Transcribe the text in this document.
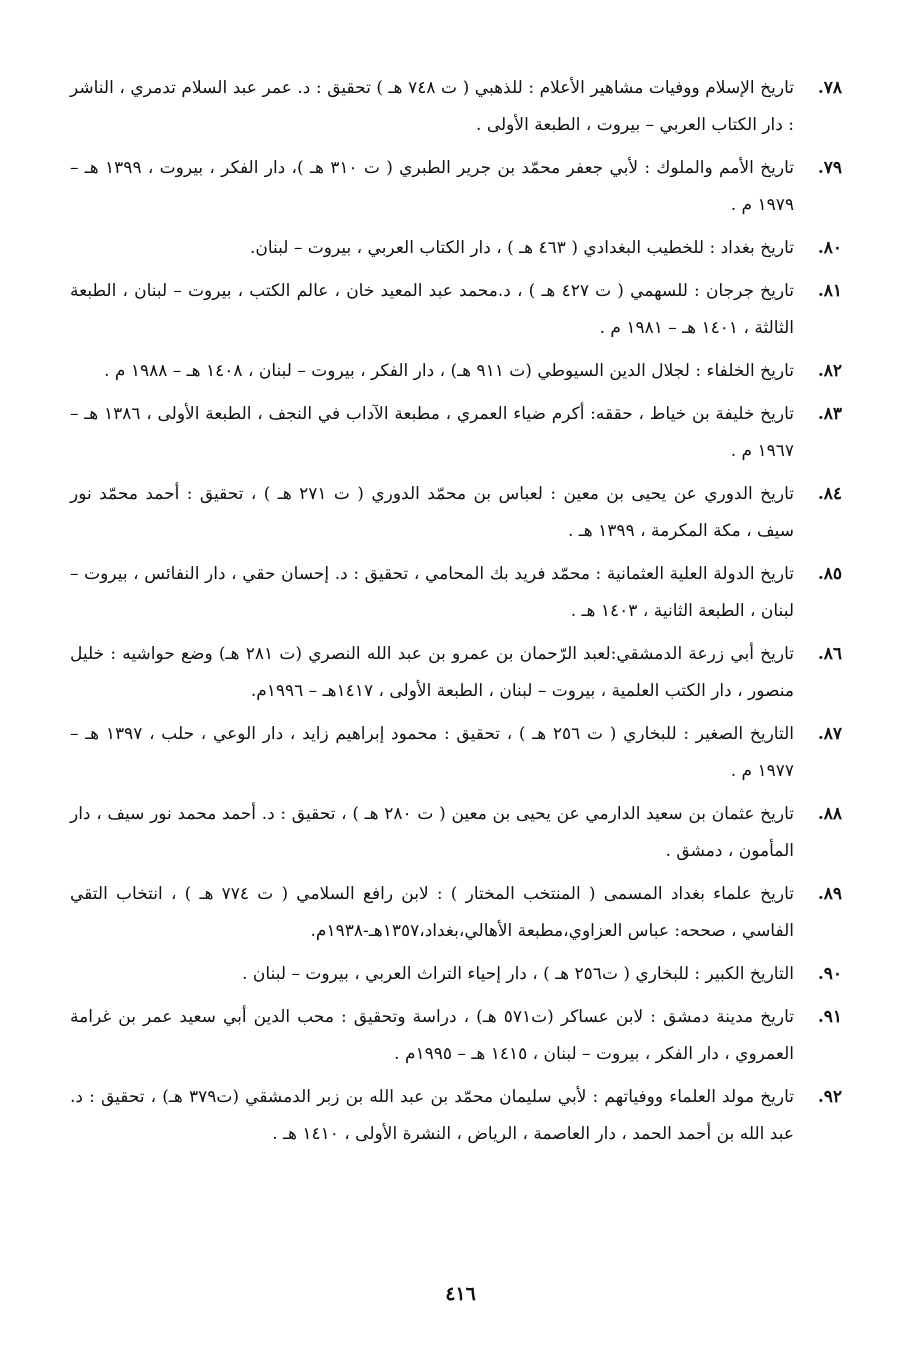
٧٨.
تاريخ الإسلام ووفيات مشاهير الأعلام : للذهبي ( ت ٧٤٨ هـ ) تحقيق : د. عمر عبد السلام تدمري ، الناشر : دار الكتاب العربي – بيروت ، الطبعة الأولى .
٧٩.
تاريخ الأمم والملوك : لأبي جعفر محمّد بن جرير الطبري ( ت ٣١٠ هـ )، دار الفكر ، بيروت ، ١٣٩٩ هـ – ١٩٧٩ م .
٨٠.
تاريخ بغداد : للخطيب البغدادي ( ٤٦٣ هـ ) ، دار الكتاب العربي ، بيروت – لبنان.
٨١.
تاريخ جرجان : للسهمي ( ت ٤٢٧ هـ ) ، د.محمد عبد المعيد خان ، عالم الكتب ، بيروت – لبنان ، الطبعة الثالثة ، ١٤٠١ هـ – ١٩٨١ م .
٨٢.
تاريخ الخلفاء : لجلال الدين السيوطي (ت ٩١١ هـ) ، دار الفكر ، بيروت – لبنان ، ١٤٠٨ هـ – ١٩٨٨ م .
٨٣.
تاريخ خليفة بن خياط ، حققه: أكرم ضياء العمري ، مطبعة الآداب في النجف ، الطبعة الأولى ، ١٣٨٦ هـ – ١٩٦٧ م .
٨٤.
تاريخ الدوري عن يحيى بن معين : لعباس بن محمّد الدوري ( ت ٢٧١ هـ ) ، تحقيق : أحمد محمّد نور سيف ، مكة المكرمة ، ١٣٩٩ هـ .
٨٥.
تاريخ الدولة العلية العثمانية : محمّد فريد بك المحامي ، تحقيق : د. إحسان حقي ، دار النفائس ، بيروت – لبنان ، الطبعة الثانية ، ١٤٠٣ هـ .
٨٦.
تاريخ أبي زرعة الدمشقي:لعبد الرّحمان بن عمرو بن عبد الله النصري (ت ٢٨١ هـ) وضع حواشيه : خليل منصور ، دار الكتب العلمية ، بيروت – لبنان ، الطبعة الأولى ، ١٤١٧هـ – ١٩٩٦م.
٨٧.
التاريخ الصغير : للبخاري ( ت ٢٥٦ هـ ) ، تحقيق : محمود إبراهيم زايد ، دار الوعي ، حلب ، ١٣٩٧ هـ – ١٩٧٧ م .
٨٨.
تاريخ عثمان بن سعيد الدارمي عن يحيى بن معين ( ت ٢٨٠ هـ ) ، تحقيق : د. أحمد محمد نور سيف ، دار المأمون ، دمشق .
٨٩.
تاريخ علماء بغداد المسمى ( المنتخب المختار ) : لابن رافع السلامي ( ت ٧٧٤ هـ ) ، انتخاب التقي الفاسي ، صححه: عباس العزاوي،مطبعة الأهالي،بغداد،١٣٥٧هـ-١٩٣٨م.
٩٠.
التاريخ الكبير : للبخاري ( ت٢٥٦ هـ ) ، دار إحياء التراث العربي ، بيروت – لبنان .
٩١.
تاريخ مدينة دمشق : لابن عساكر (ت٥٧١ هـ) ، دراسة وتحقيق : محب الدين أبي سعيد عمر بن غرامة العمروي ، دار الفكر ، بيروت – لبنان ، ١٤١٥ هـ – ١٩٩٥م .
٩٢.
تاريخ مولد العلماء ووفياتهم : لأبي سليمان محمّد بن عبد الله بن زبر الدمشقي (ت٣٧٩ هـ) ، تحقيق : د. عبد الله بن أحمد الحمد ، دار العاصمة ، الرياض ، النشرة الأولى ، ١٤١٠ هـ .
٤١٦
